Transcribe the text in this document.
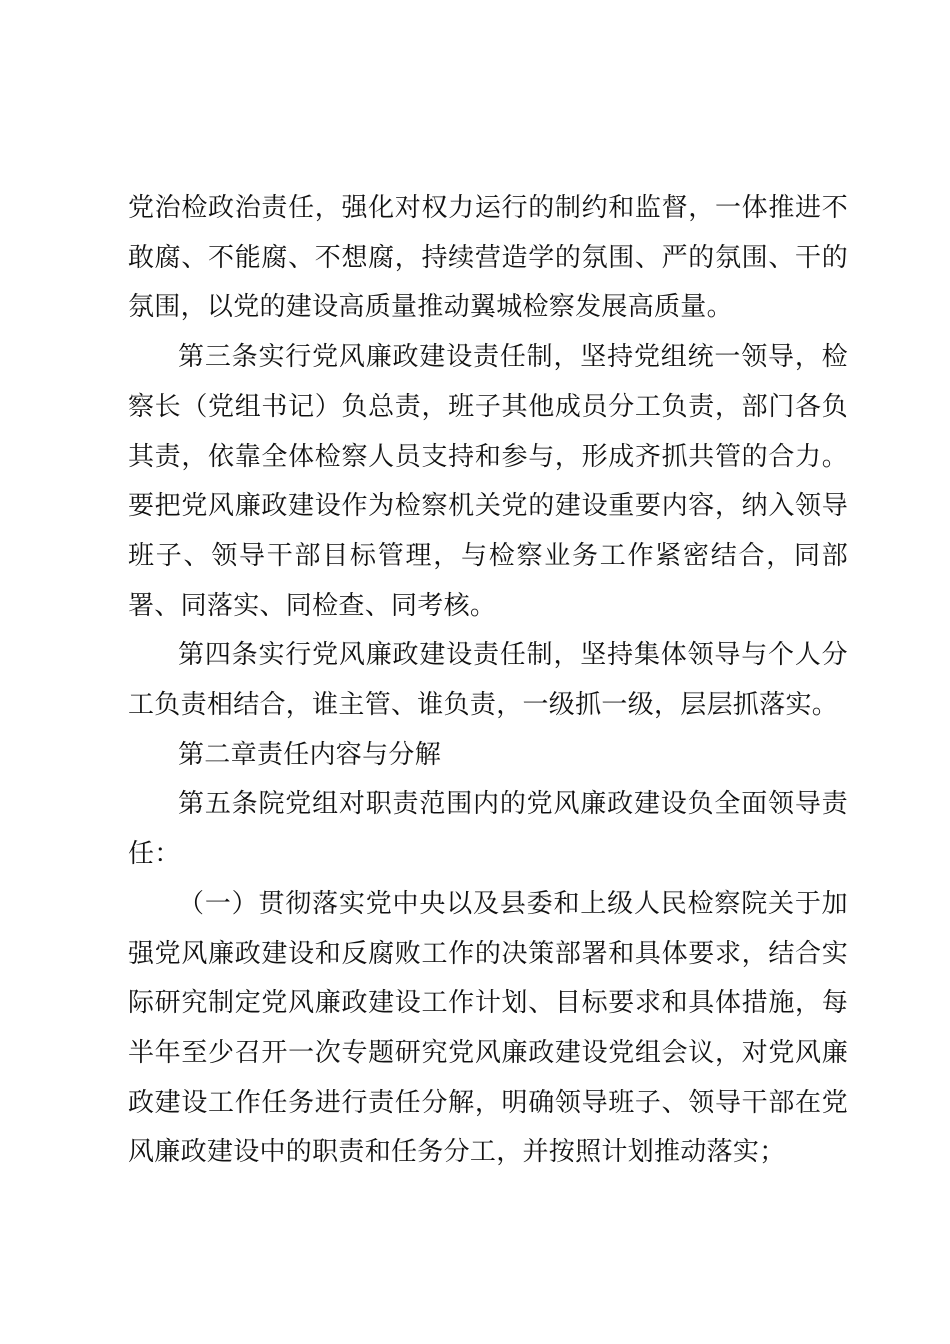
党治检政治责任，强化对权力运行的制约和监督，一体推进不敢腐、不能腐、不想腐，持续营造学的氛围、严的氛围、干的氛围，以党的建设高质量推动翼城检察发展高质量。

第三条实行党风廉政建设责任制，坚持党组统一领导，检察长（党组书记）负总责，班子其他成员分工负责，部门各负其责，依靠全体检察人员支持和参与，形成齐抓共管的合力。要把党风廉政建设作为检察机关党的建设重要内容，纳入领导班子、领导干部目标管理，与检察业务工作紧密结合，同部署、同落实、同检查、同考核。

第四条实行党风廉政建设责任制，坚持集体领导与个人分工负责相结合，谁主管、谁负责，一级抓一级，层层抓落实。

第二章责任内容与分解

第五条院党组对职责范围内的党风廉政建设负全面领导责任：

（一）贯彻落实党中央以及县委和上级人民检察院关于加强党风廉政建设和反腐败工作的决策部署和具体要求，结合实际研究制定党风廉政建设工作计划、目标要求和具体措施，每半年至少召开一次专题研究党风廉政建设党组会议，对党风廉政建设工作任务进行责任分解，明确领导班子、领导干部在党风廉政建设中的职责和任务分工，并按照计划推动落实；
